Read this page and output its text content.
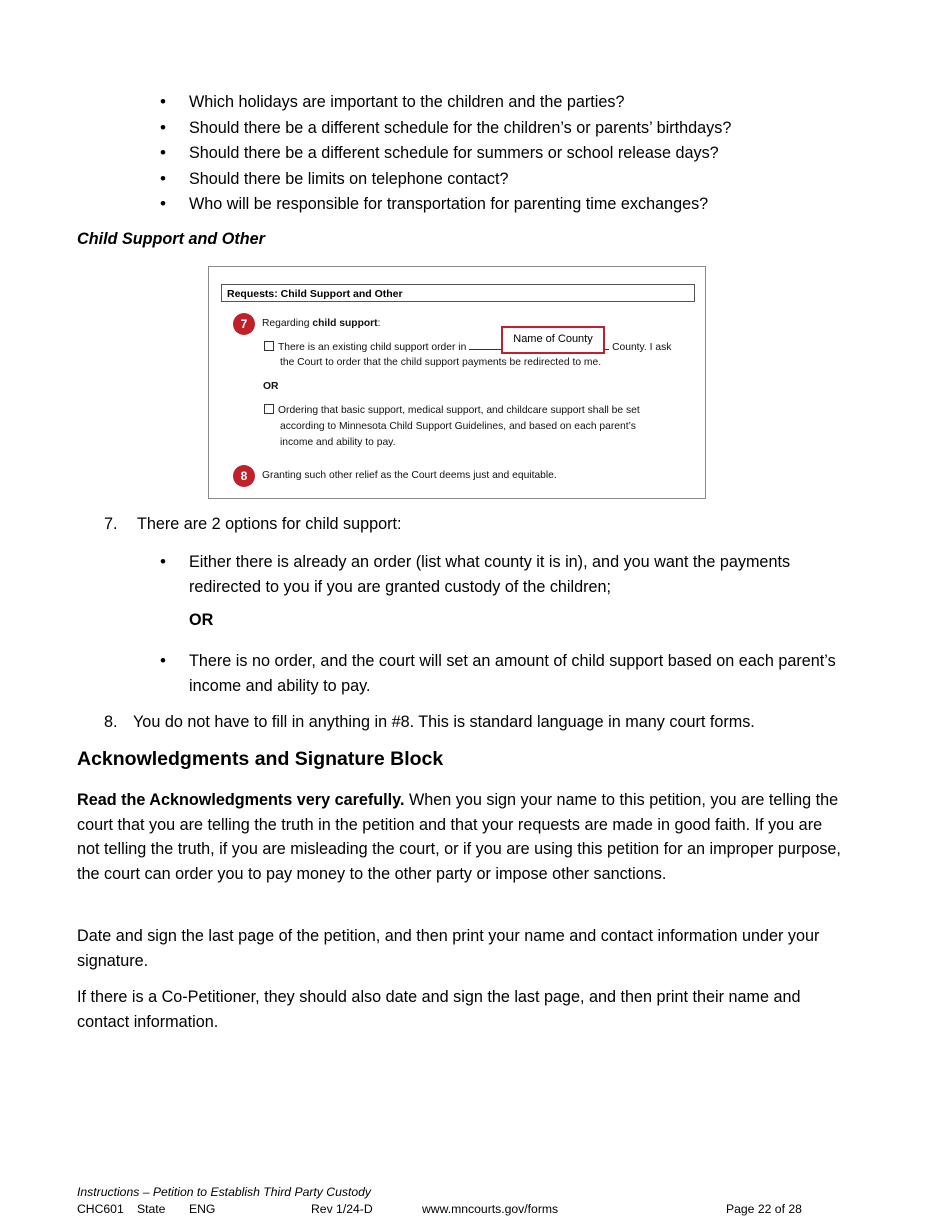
• Which holidays are important to the children and the parties?
• Should there be a different schedule for the children’s or parents’ birthdays?
• Should there be a different schedule for summers or school release days?
• Should there be limits on telephone contact?
• Who will be responsible for transportation for parenting time exchanges?
Child Support and Other
Requests: Child Support and Other
7	Regarding child support:
There is an existing child support order in	County. I ask
the Court to order that the child support payments be redirected to me.
Name of County
OR
Ordering that basic support, medical support, and childcare support shall be set
according to Minnesota Child Support Guidelines, and based on each parent’s
income and ability to pay.
8	Granting such other relief as the Court deems just and equitable.
7. There are 2 options for child support:
• Either there is already an order (list what county it is in), and you want the payments redirected to you if you are granted custody of the children;
OR
• There is no order, and the court will set an amount of child support based on each parent’s income and ability to pay.
8. You do not have to fill in anything in #8. This is standard language in many court forms.
Acknowledgments and Signature Block

Read the Acknowledgments very carefully. When you sign your name to this petition, you are telling the court that you are telling the truth in the petition and that your requests are made in good faith. If you are not telling the truth, if you are misleading the court, or if you are using this petition for an improper purpose, the court can order you to pay money to the other party or impose other sanctions.

Date and sign the last page of the petition, and then print your name and contact information under your signature.

If there is a Co-Petitioner, they should also date and sign the last page, and then print their name and contact information.

Instructions – Petition to Establish Third Party Custody
CHC601 State ENG	Rev 1/24-D	www.mncourts.gov/forms	Page 22 of 28
